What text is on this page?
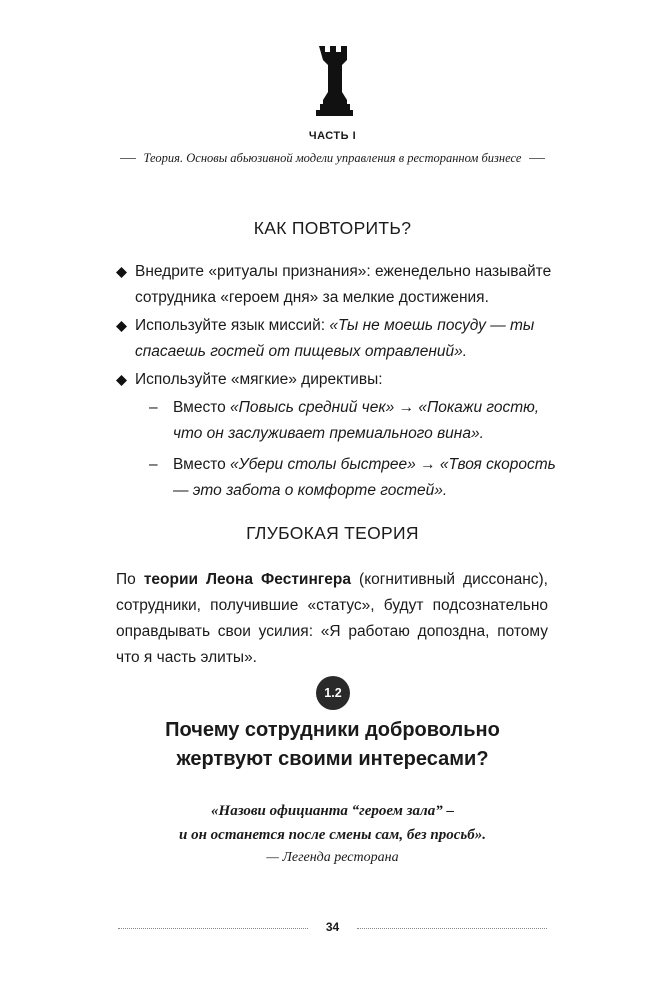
ЧАСТЬ I
Теория. Основы абьюзивной модели управления в ресторанном бизнесе
КАК ПОВТОРИТЬ?
Внедрите «ритуалы признания»: еженедельно называйте сотрудника «героем дня» за мелкие достижения.
Используйте язык миссий: «Ты не моешь посуду — ты спасаешь гостей от пищевых отравлений».
Используйте «мягкие» директивы:
– Вместо «Повысь средний чек» → «Покажи гостю, что он заслуживает премиального вина».
– Вместо «Убери столы быстрее» → «Твоя скорость — это забота о комфорте гостей».
ГЛУБОКАЯ ТЕОРИЯ

По теории Леона Фестингера (когнитивный диссонанс), сотрудники, получившие «статус», будут подсознательно оправдывать свои усилия: «Я работаю допоздна, потому что я часть элиты».

1.2
Почему сотрудники добровольно
жертвуют своими интересами?
«Назови официанта “героем зала” –
и он останется после смены сам, без просьб».
— Легенда ресторана
34
